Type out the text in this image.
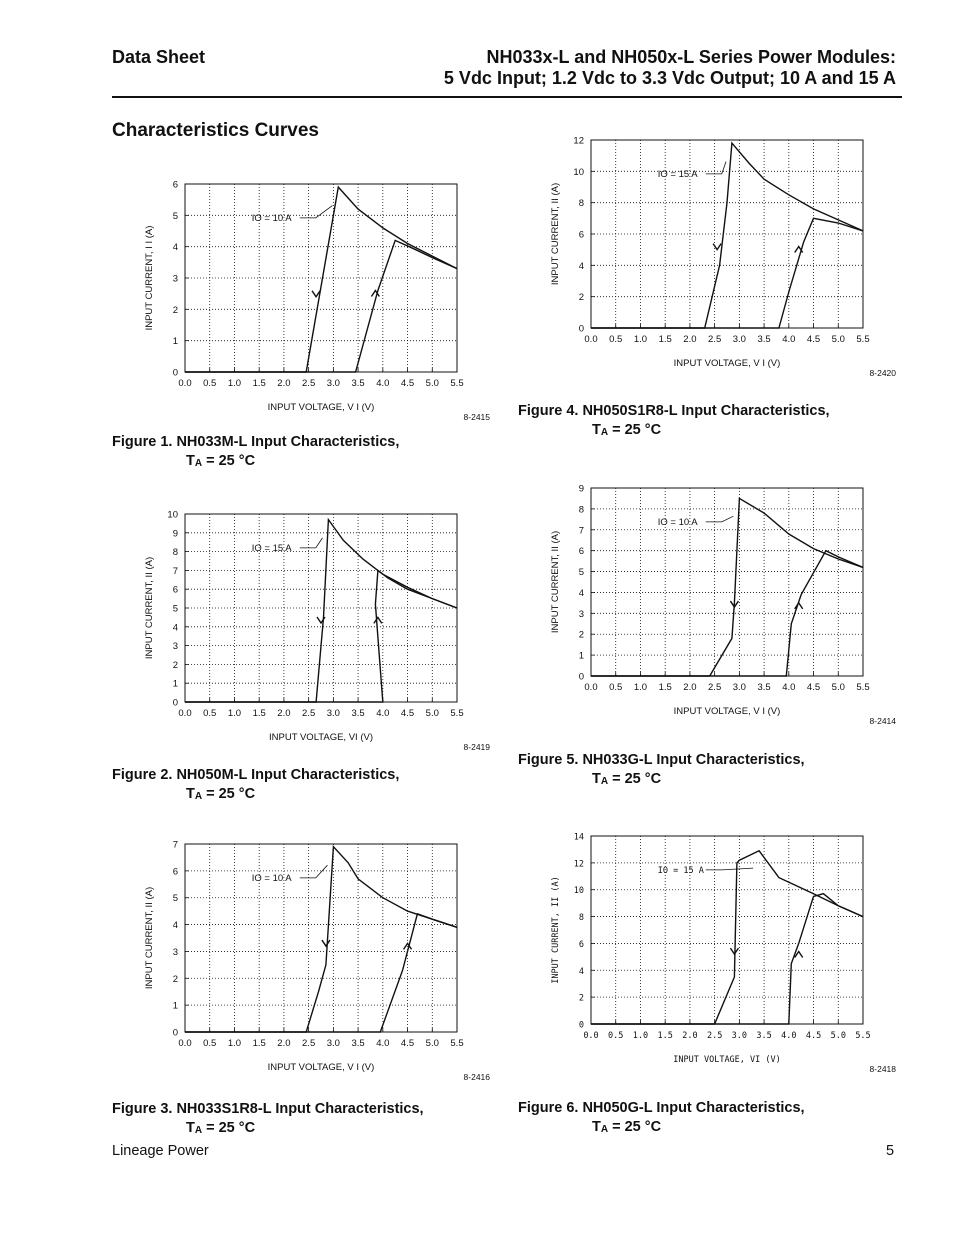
Data Sheet	NH033x-L and NH050x-L Series Power Modules:
5 Vdc Input; 1.2 Vdc to 3.3 Vdc Output; 10 A and 15 A
Characteristics Curves
0.0 0.5 1.0 1.5 2.0 2.5 3.0 3.5 4.0 4.5 5.0 5.5
0
1
2
3
4
5
6
INPUT VOLTAGE, V I (V)
INPUT CURRENT, I I (A)
IO = 10 A
8-2415
Figure 1. NH033M-L Input Characteristics,
$T_A = 25$ °C
0.0 0.5 1.0 1.5 2.0 2.5 3.0 3.5 4.0 4.5 5.0 5.5
0
1
2
3
4
5
6
7
8
9
10
INPUT VOLTAGE, VI (V)
INPUT CURRENT, II (A)
IO = 15 A
8-2419
Figure 2. NH050M-L Input Characteristics,
$T_A = 25$ °C
0.0 0.5 1.0 1.5 2.0 2.5 3.0 3.5 4.0 4.5 5.0 5.5
0
1
2
3
4
5
6
7
INPUT VOLTAGE, V I (V)
INPUT CURRENT, II (A)
IO = 10 A
8-2416
Figure 3. NH033S1R8-L Input Characteristics,
$T_A = 25$ °C
0.0 0.5 1.0 1.5 2.0 2.5 3.0 3.5 4.0 4.5 5.0 5.5
0
2
4
6
8
10
12
INPUT VOLTAGE, V I (V)
INPUT CURRENT, II (A)
IO = 15 A
8-2420
Figure 4. NH050S1R8-L Input Characteristics,
$T_A = 25$ °C
0.0 0.5 1.0 1.5 2.0 2.5 3.0 3.5 4.0 4.5 5.0 5.5
0
1
2
3
4
5
6
7
8
9
INPUT VOLTAGE, V I (V)
INPUT CURRENT, II (A)
IO = 10 A
8-2414
Figure 5. NH033G-L Input Characteristics,
$T_A = 25$ °C
0.0 0.5 1.0 1.5 2.0 2.5 3.0 3.5 4.0 4.5 5.0 5.5
0
2
4
6
8
10
12
14
INPUT VOLTAGE, VI (V)
INPUT CURRENT, II (A)
IO = 15 A
8-2418
Figure 6. NH050G-L Input Characteristics,
$T_A = 25$ °C
Lineage Power	5
